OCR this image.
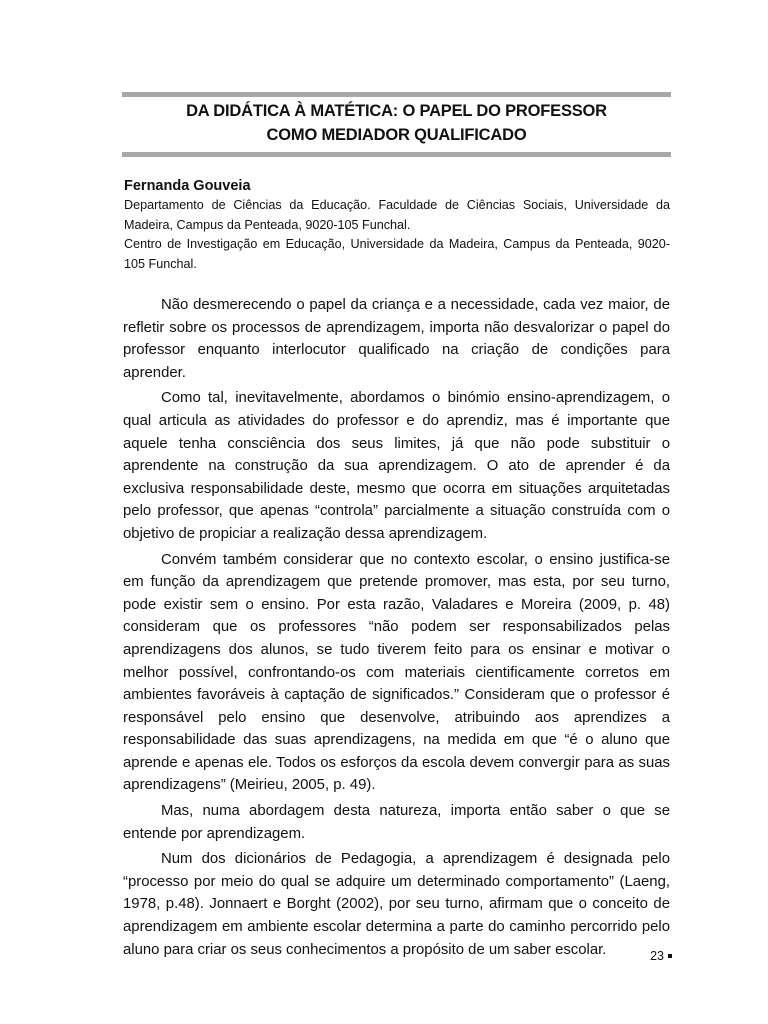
DA DIDÁTICA À MATÉTICA: O PAPEL DO PROFESSOR
COMO MEDIADOR QUALIFICADO

Fernanda Gouveia

Departamento de Ciências da Educação. Faculdade de Ciências Sociais, Universidade da Madeira, Campus da Penteada, 9020-105 Funchal.

Centro de Investigação em Educação, Universidade da Madeira, Campus da Penteada, 9020-105 Funchal.

Não desmerecendo o papel da criança e a necessidade, cada vez maior, de refletir sobre os processos de aprendizagem, importa não desvalorizar o papel do professor enquanto interlocutor qualificado na criação de condições para aprender.

Como tal, inevitavelmente, abordamos o binómio ensino-aprendizagem, o qual articula as atividades do professor e do aprendiz, mas é importante que aquele tenha consciência dos seus limites, já que não pode substituir o aprendente na construção da sua aprendizagem. O ato de aprender é da exclusiva responsabilidade deste, mesmo que ocorra em situações arquitetadas pelo professor, que apenas “controla” parcialmente a situação construída com o objetivo de propiciar a realização dessa aprendizagem.

Convém também considerar que no contexto escolar, o ensino justifica-se em função da aprendizagem que pretende promover, mas esta, por seu turno, pode existir sem o ensino. Por esta razão, Valadares e Moreira (2009, p. 48) consideram que os professores “não podem ser responsabilizados pelas aprendizagens dos alunos, se tudo tiverem feito para os ensinar e motivar o melhor possível, confrontando-os com materiais cientificamente corretos em ambientes favoráveis à captação de significados.” Consideram que o professor é responsável pelo ensino que desenvolve, atribuindo aos aprendizes a responsabilidade das suas aprendizagens, na medida em que “é o aluno que aprende e apenas ele. Todos os esforços da escola devem convergir para as suas aprendizagens” (Meirieu, 2005, p. 49).

Mas, numa abordagem desta natureza, importa então saber o que se entende por aprendizagem.

Num dos dicionários de Pedagogia, a aprendizagem é designada pelo “processo por meio do qual se adquire um determinado comportamento” (Laeng, 1978, p.48). Jonnaert e Borght (2002), por seu turno, afirmam que o conceito de aprendizagem em ambiente escolar determina a parte do caminho percorrido pelo aluno para criar os seus conhecimentos a propósito de um saber escolar.	23
